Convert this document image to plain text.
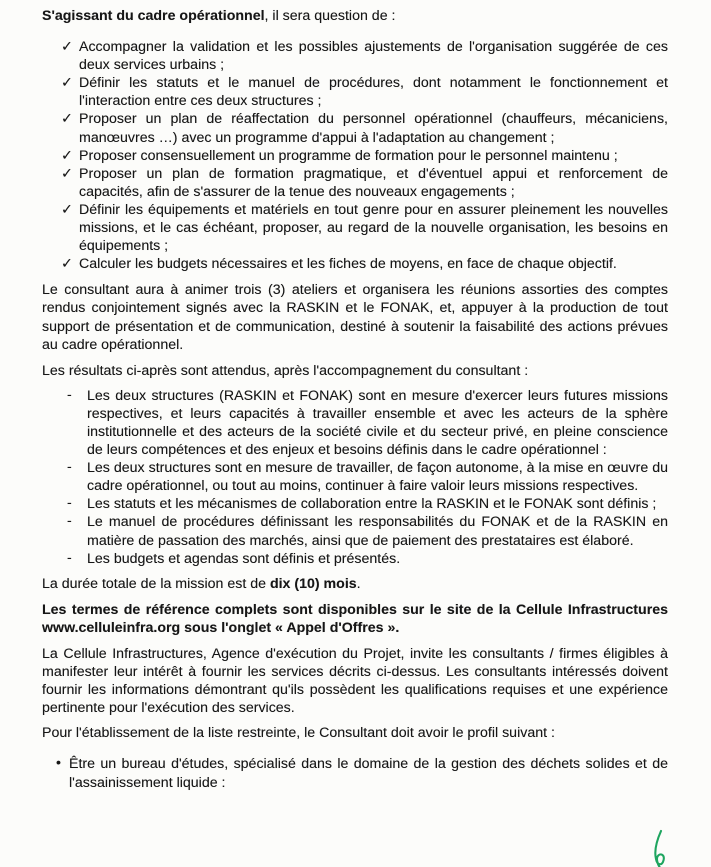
S'agissant du cadre opérationnel, il sera question de :

✓ Accompagner la validation et les possibles ajustements de l'organisation suggérée de ces deux services urbains ;
✓ Définir les statuts et le manuel de procédures, dont notamment le fonctionnement et l'interaction entre ces deux structures ;
✓ Proposer un plan de réaffectation du personnel opérationnel (chauffeurs, mécaniciens, manœuvres …) avec un programme d'appui à l'adaptation au changement ;
✓ Proposer consensuellement un programme de formation pour le personnel maintenu ;
✓ Proposer un plan de formation pragmatique, et d'éventuel appui et renforcement de capacités, afin de s'assurer de la tenue des nouveaux engagements ;
✓ Définir les équipements et matériels en tout genre pour en assurer pleinement les nouvelles missions, et le cas échéant, proposer, au regard de la nouvelle organisation, les besoins en équipements ;
✓ Calculer les budgets nécessaires et les fiches de moyens, en face de chaque objectif.

Le consultant aura à animer trois (3) ateliers et organisera les réunions assorties des comptes rendus conjointement signés avec la RASKIN et le FONAK, et, appuyer à la production de tout support de présentation et de communication, destiné à soutenir la faisabilité des actions prévues au cadre opérationnel.

Les résultats ci-après sont attendus, après l'accompagnement du consultant :

- Les deux structures (RASKIN et FONAK) sont en mesure d'exercer leurs futures missions respectives, et leurs capacités à travailler ensemble et avec les acteurs de la sphère institutionnelle et des acteurs de la société civile et du secteur privé, en pleine conscience de leurs compétences et des enjeux et besoins définis dans le cadre opérationnel :
- Les deux structures sont en mesure de travailler, de façon autonome, à la mise en œuvre du cadre opérationnel, ou tout au moins, continuer à faire valoir leurs missions respectives.
- Les statuts et les mécanismes de collaboration entre la RASKIN et le FONAK sont définis ;
- Le manuel de procédures définissant les responsabilités du FONAK et de la RASKIN en matière de passation des marchés, ainsi que de paiement des prestataires est élaboré.
- Les budgets et agendas sont définis et présentés.

La durée totale de la mission est de dix (10) mois.

Les termes de référence complets sont disponibles sur le site de la Cellule Infrastructures www.celluleinfra.org sous l'onglet « Appel d'Offres ».

La Cellule Infrastructures, Agence d'exécution du Projet, invite les consultants / firmes éligibles à manifester leur intérêt à fournir les services décrits ci-dessus. Les consultants intéressés doivent fournir les informations démontrant qu'ils possèdent les qualifications requises et une expérience pertinente pour l'exécution des services.

Pour l'établissement de la liste restreinte, le Consultant doit avoir le profil suivant :

• Être un bureau d'études, spécialisé dans le domaine de la gestion des déchets solides et de l'assainissement liquide :
